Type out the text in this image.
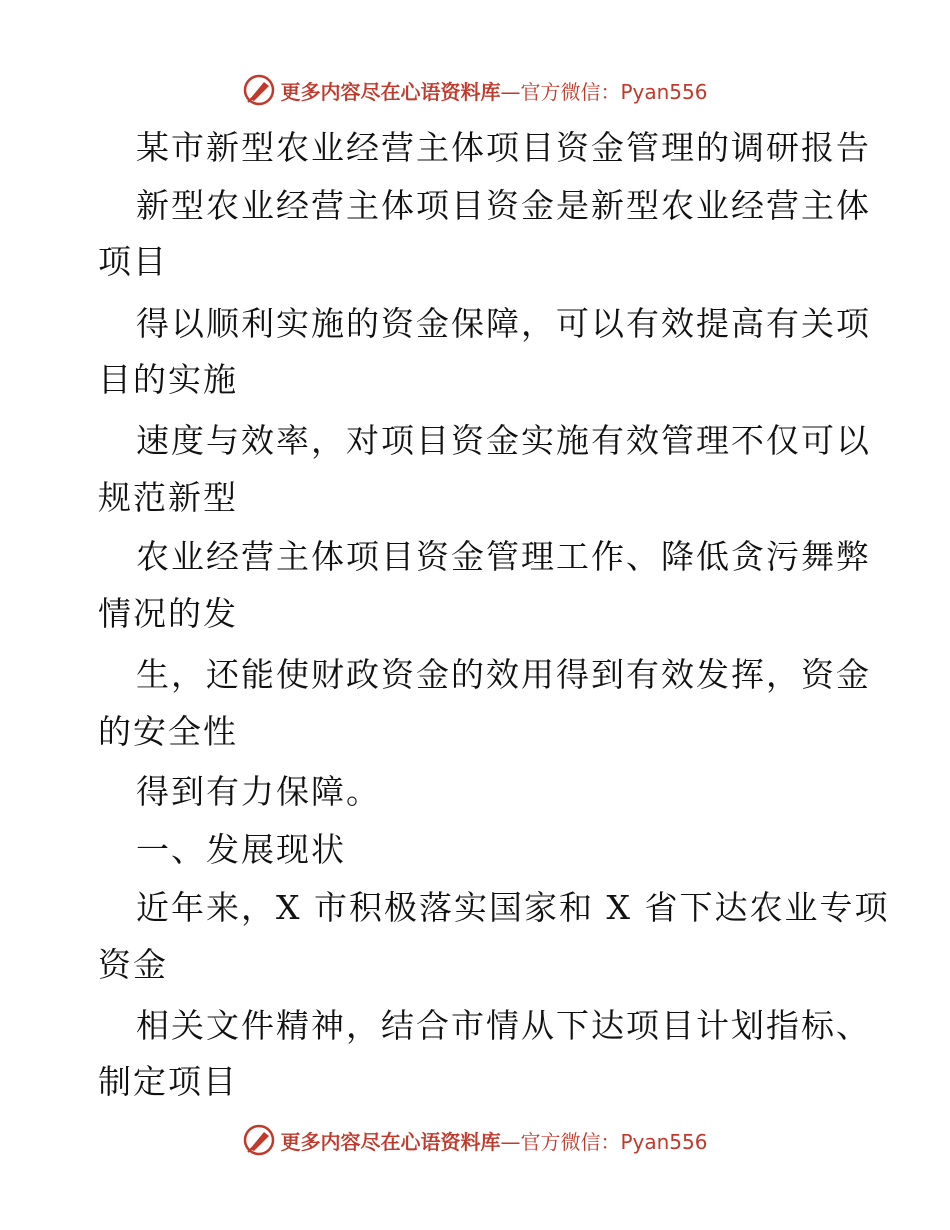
更多内容尽在心语资料库—官方微信：Pyan556
某市新型农业经营主体项目资金管理的调研报告
新型农业经营主体项目资金是新型农业经营主体
项目
得以顺利实施的资金保障，可以有效提高有关项
目的实施
速度与效率，对项目资金实施有效管理不仅可以
规范新型
农业经营主体项目资金管理工作、降低贪污舞弊
情况的发
生，还能使财政资金的效用得到有效发挥，资金
的安全性
得到有力保障。
一、发展现状
近年来，X 市积极落实国家和 X 省下达农业专项
资金
相关文件精神，结合市情从下达项目计划指标、
制定项目
更多内容尽在心语资料库—官方微信：Pyan556
